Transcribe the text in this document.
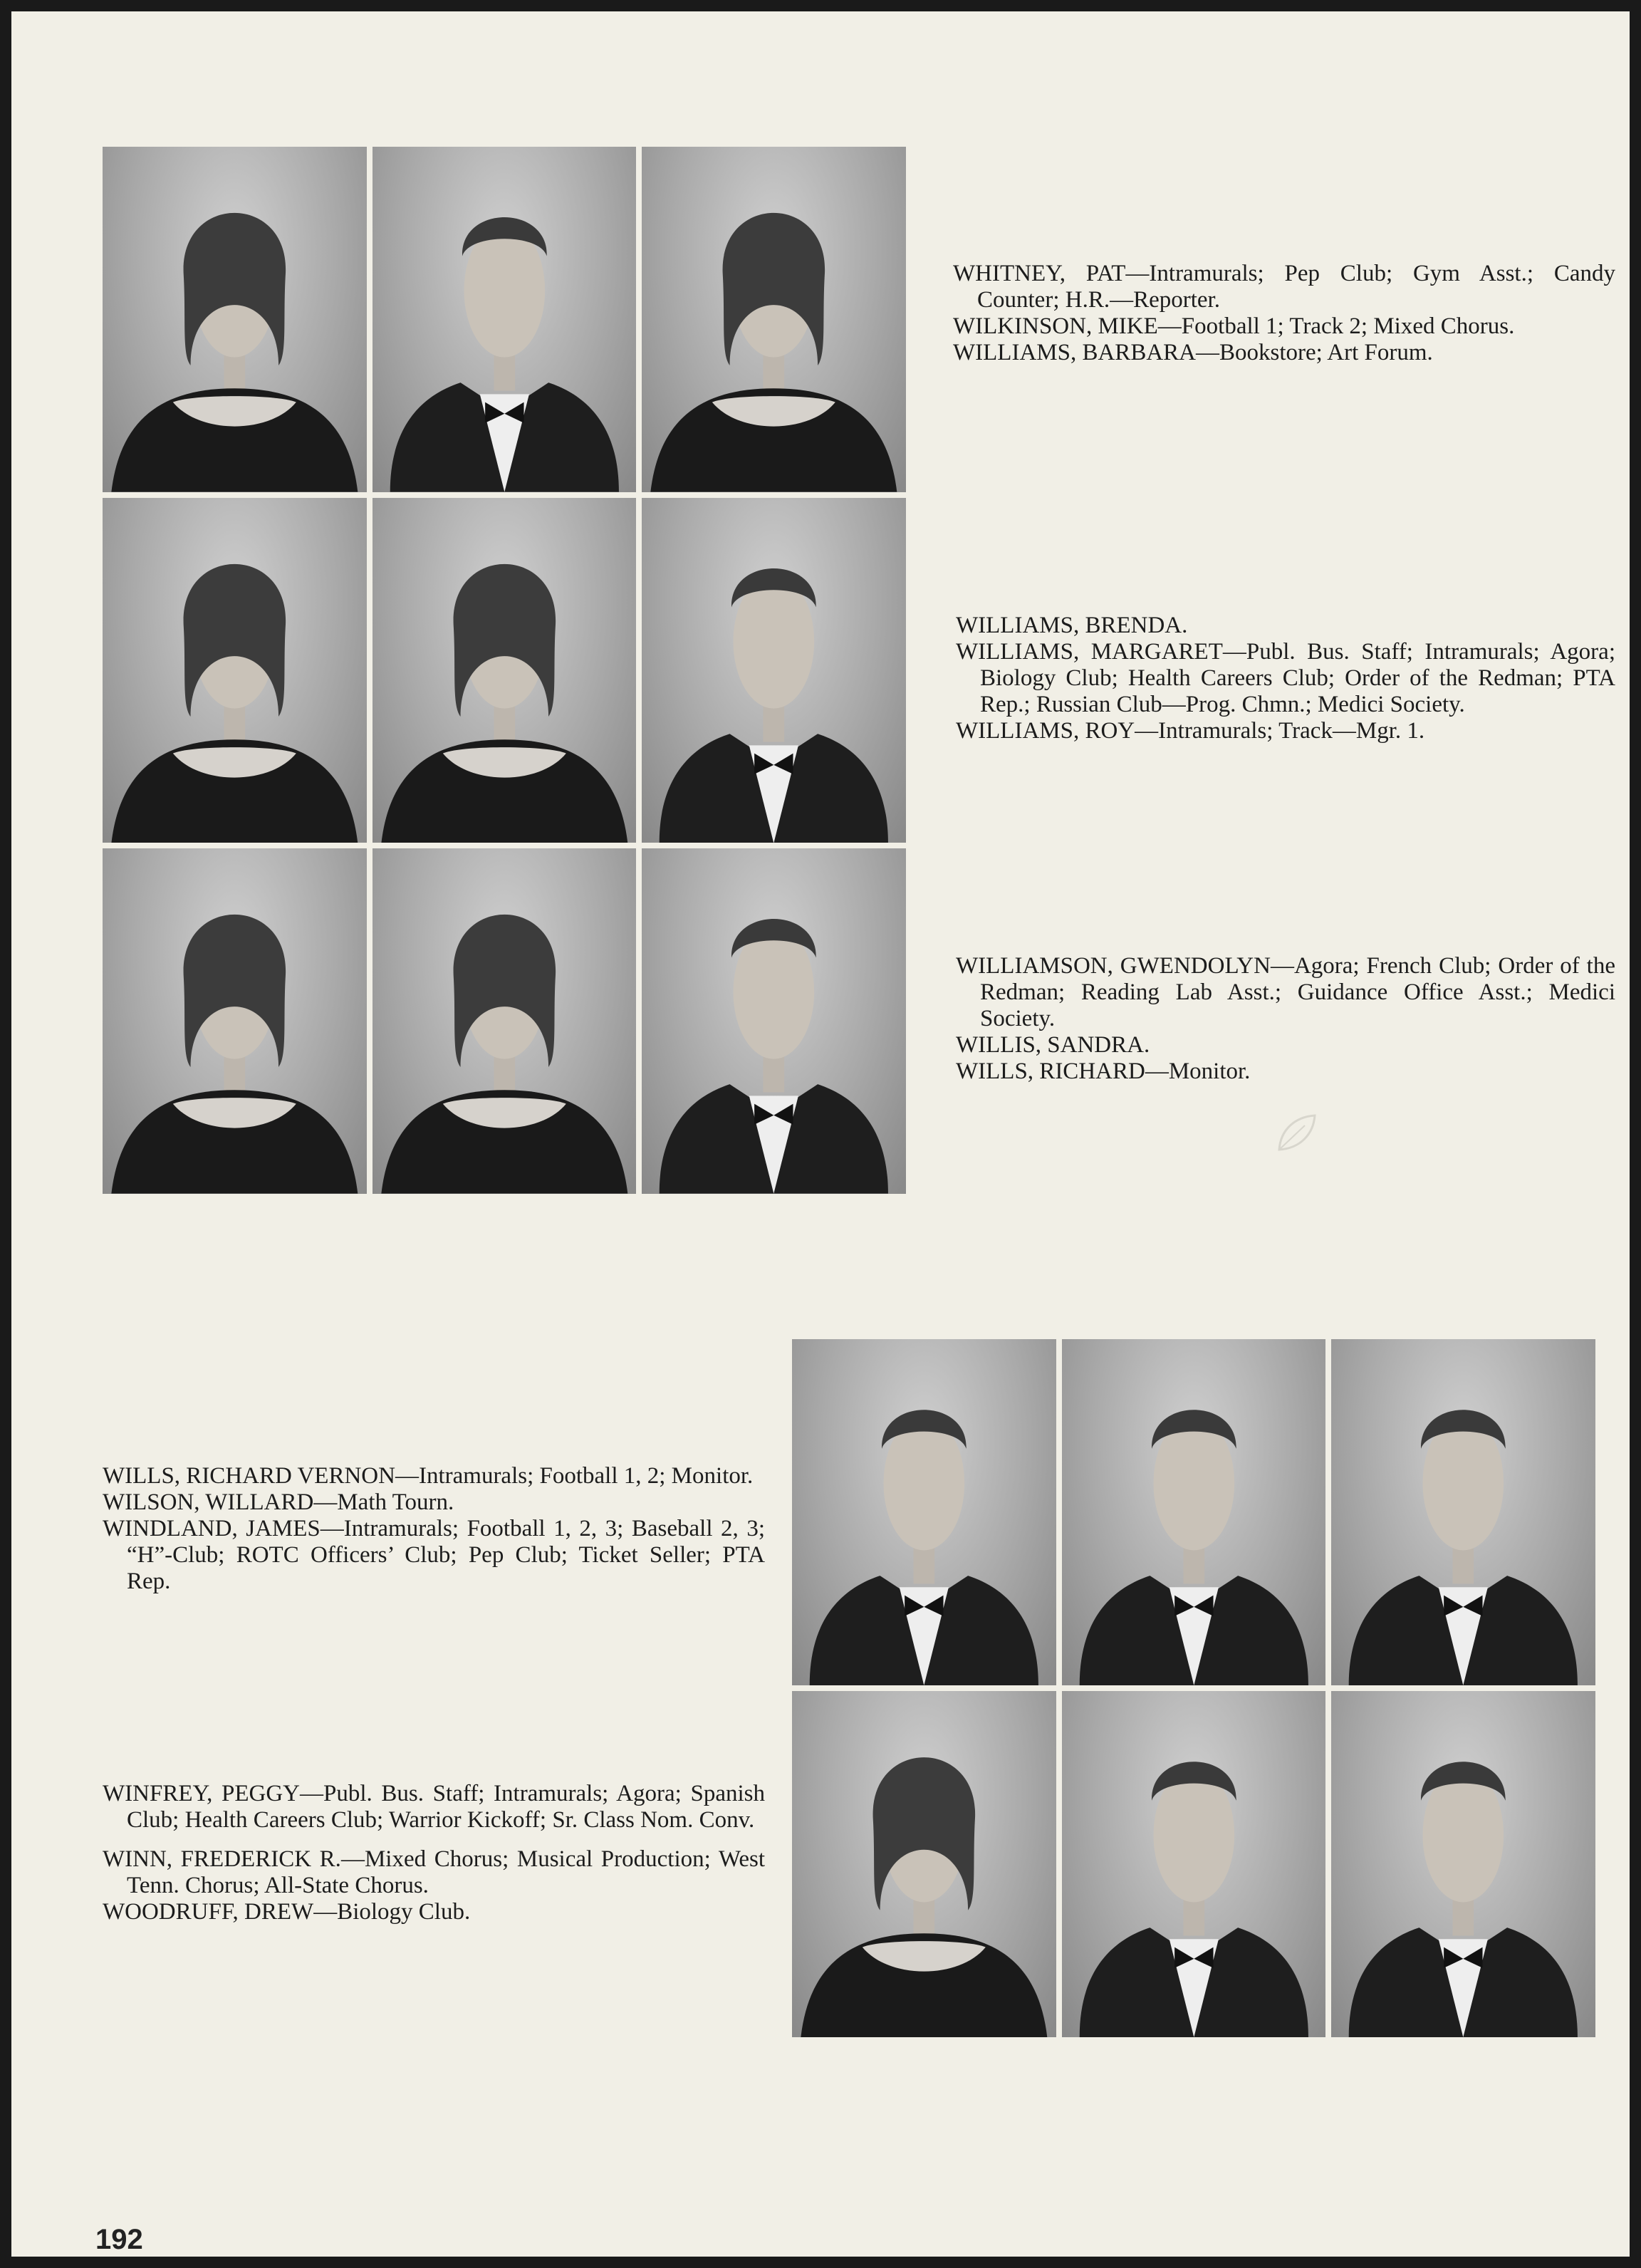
WHITNEY, PAT—Intramurals; Pep Club; Gym Asst.; Candy Counter; H.R.—Reporter.

WILKINSON, MIKE—Football 1; Track 2; Mixed Chorus.

WILLIAMS, BARBARA—Bookstore; Art Forum.

WILLIAMS, BRENDA.

WILLIAMS, MARGARET—Publ. Bus. Staff; Intramurals; Agora; Biology Club; Health Careers Club; Order of the Redman; PTA Rep.; Russian Club—Prog. Chmn.; Medici Society.

WILLIAMS, ROY—Intramurals; Track—Mgr. 1.

WILLIAMSON, GWENDOLYN—Agora; French Club; Order of the Redman; Reading Lab Asst.; Guidance Office Asst.; Medici Society.

WILLIS, SANDRA.

WILLS, RICHARD—Monitor.

WILLS, RICHARD VERNON—Intramurals; Football 1, 2; Monitor.

WILSON, WILLARD—Math Tourn.

WINDLAND, JAMES—Intramurals; Football 1, 2, 3; Baseball 2, 3; “H”-Club; ROTC Officers’ Club; Pep Club; Ticket Seller; PTA Rep.

WINFREY, PEGGY—Publ. Bus. Staff; Intramurals; Agora; Spanish Club; Health Careers Club; Warrior Kickoff; Sr. Class Nom. Conv.

WINN, FREDERICK R.—Mixed Chorus; Musical Production; West Tenn. Chorus; All-State Chorus.

WOODRUFF, DREW—Biology Club.

192
